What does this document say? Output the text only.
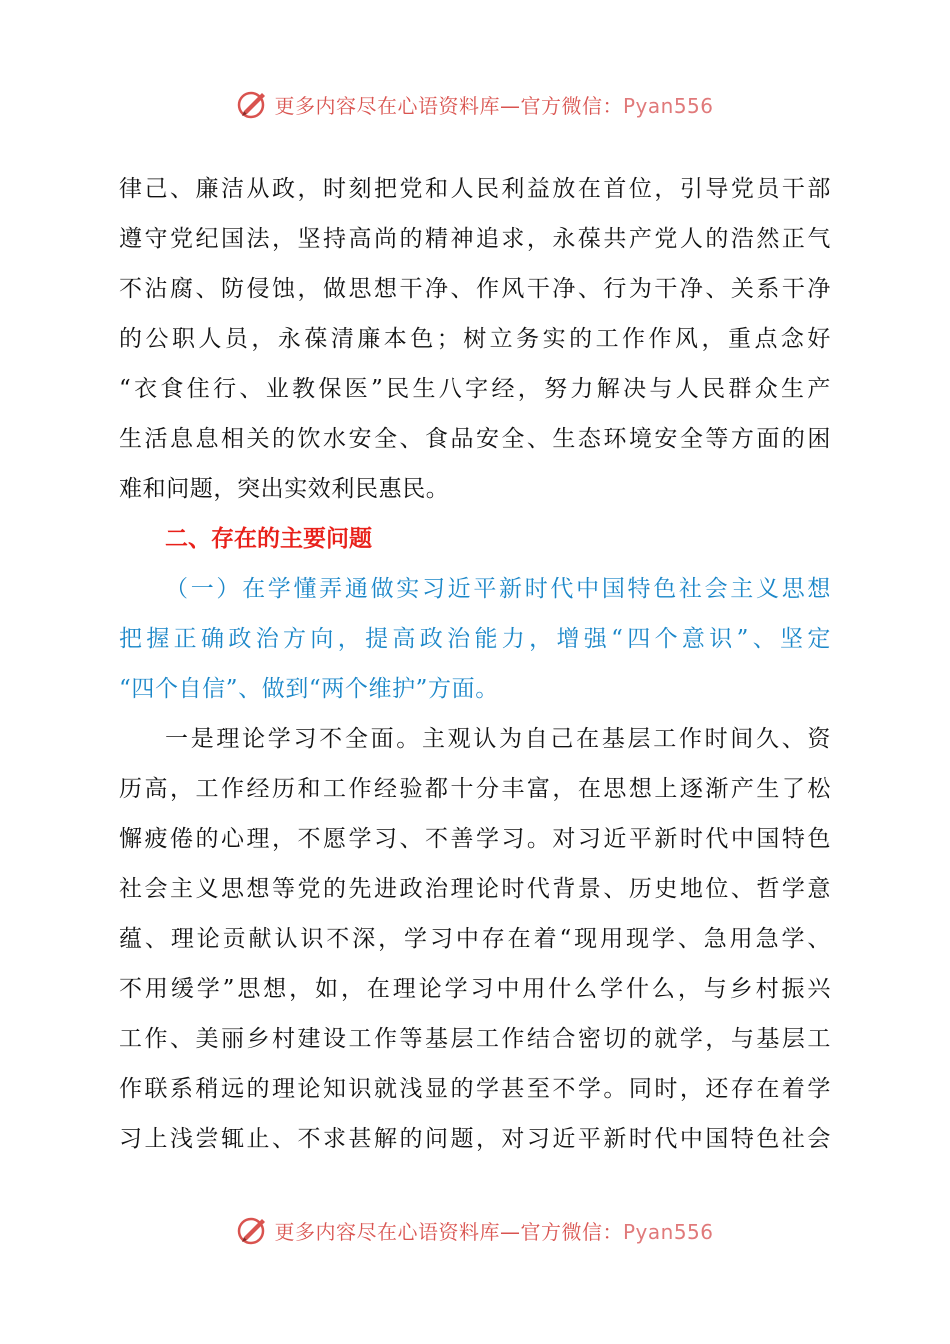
更多内容尽在心语资料库—官方微信：Pyan556

律己、廉洁从政，时刻把党和人民利益放在首位，引导党员干部
遵守党纪国法，坚持高尚的精神追求，永葆共产党人的浩然正气
不沾腐、防侵蚀，做思想干净、作风干净、行为干净、关系干净
的公职人员，永葆清廉本色；树立务实的工作作风，重点念好
“衣食住行、业教保医”民生八字经，努力解决与人民群众生产
生活息息相关的饮水安全、食品安全、生态环境安全等方面的困
难和问题，突出实效利民惠民。

二、存在的主要问题

（一）在学懂弄通做实习近平新时代中国特色社会主义思想
把握正确政治方向，提高政治能力，增强“四个意识”、坚定
“四个自信”、做到“两个维护”方面。

一是理论学习不全面。主观认为自己在基层工作时间久、资
历高，工作经历和工作经验都十分丰富，在思想上逐渐产生了松
懈疲倦的心理，不愿学习、不善学习。对习近平新时代中国特色
社会主义思想等党的先进政治理论时代背景、历史地位、哲学意
蕴、理论贡献认识不深，学习中存在着“现用现学、急用急学、
不用缓学”思想，如，在理论学习中用什么学什么，与乡村振兴
工作、美丽乡村建设工作等基层工作结合密切的就学，与基层工
作联系稍远的理论知识就浅显的学甚至不学。同时，还存在着学
习上浅尝辄止、不求甚解的问题，对习近平新时代中国特色社会

更多内容尽在心语资料库—官方微信：Pyan556
